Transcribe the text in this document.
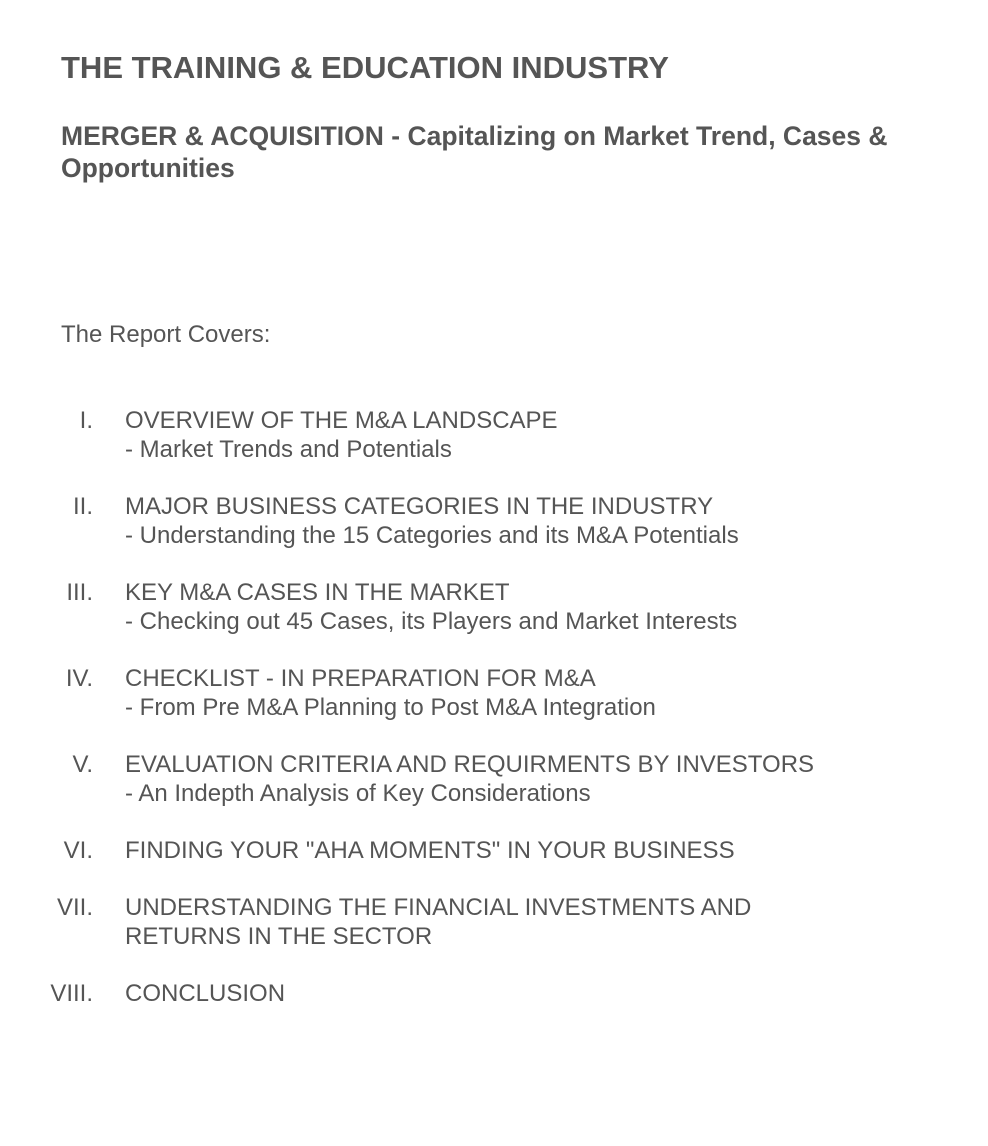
THE TRAINING & EDUCATION INDUSTRY
MERGER & ACQUISITION - Capitalizing on Market Trend, Cases & Opportunities

The Report Covers:

I. OVERVIEW OF THE M&A LANDSCAPE
- Market Trends and Potentials
II. MAJOR BUSINESS CATEGORIES IN THE INDUSTRY
- Understanding the 15 Categories and its M&A Potentials
III. KEY M&A CASES IN THE MARKET
- Checking out 45 Cases, its Players and Market Interests
IV. CHECKLIST - IN PREPARATION FOR M&A
- From Pre M&A Planning to Post M&A Integration
V. EVALUATION CRITERIA AND REQUIRMENTS BY INVESTORS
- An Indepth Analysis of Key Considerations
VI. FINDING YOUR "AHA MOMENTS" IN YOUR BUSINESS
VII. UNDERSTANDING THE FINANCIAL INVESTMENTS AND
RETURNS IN THE SECTOR
VIII. CONCLUSION
